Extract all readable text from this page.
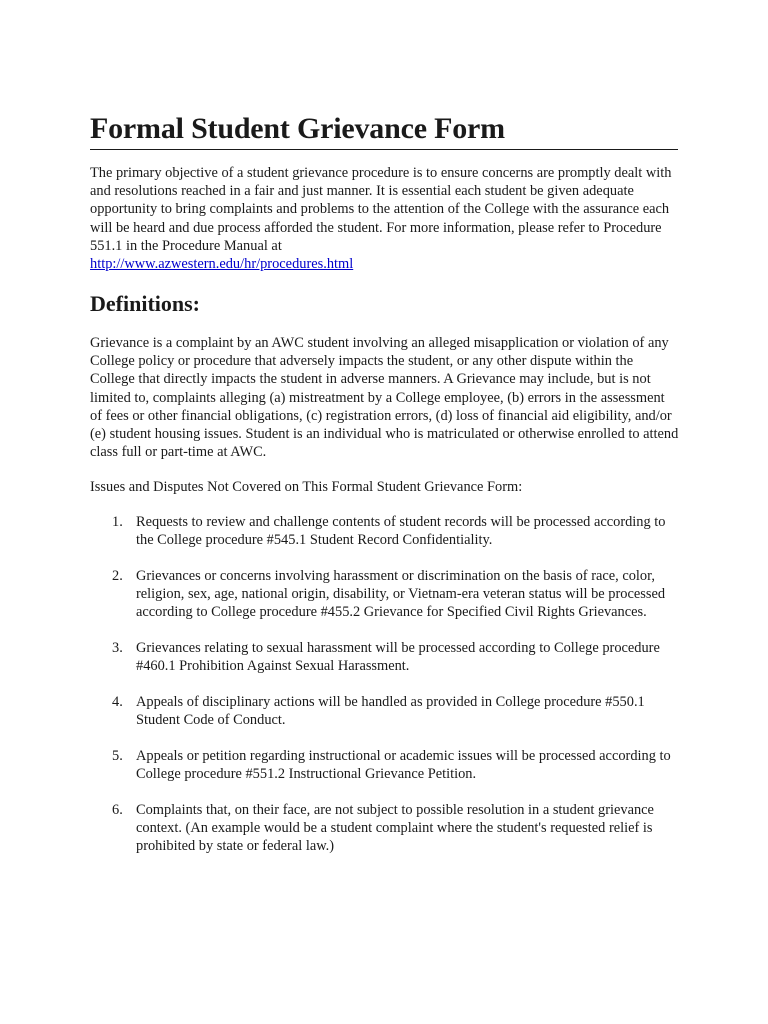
Formal Student Grievance Form

The primary objective of a student grievance procedure is to ensure concerns are promptly dealt with and resolutions reached in a fair and just manner. It is essential each student be given adequate opportunity to bring complaints and problems to the attention of the College with the assurance each will be heard and due process afforded the student. For more information, please refer to Procedure 551.1 in the Procedure Manual at
http://www.azwestern.edu/hr/procedures.html

Definitions:

Grievance is a complaint by an AWC student involving an alleged misapplication or violation of any College policy or procedure that adversely impacts the student, or any other dispute within the College that directly impacts the student in adverse manners. A Grievance may include, but is not limited to, complaints alleging (a) mistreatment by a College employee, (b) errors in the assessment of fees or other financial obligations, (c) registration errors, (d) loss of financial aid eligibility, and/or (e) student housing issues. Student is an individual who is matriculated or otherwise enrolled to attend class full or part-time at AWC.

Issues and Disputes Not Covered on This Formal Student Grievance Form:

1. Requests to review and challenge contents of student records will be processed according to the College procedure #545.1 Student Record Confidentiality.
2. Grievances or concerns involving harassment or discrimination on the basis of race, color, religion, sex, age, national origin, disability, or Vietnam-era veteran status will be processed according to College procedure #455.2 Grievance for Specified Civil Rights Grievances.
3. Grievances relating to sexual harassment will be processed according to College procedure #460.1 Prohibition Against Sexual Harassment.
4. Appeals of disciplinary actions will be handled as provided in College procedure #550.1 Student Code of Conduct.
5. Appeals or petition regarding instructional or academic issues will be processed according to College procedure #551.2 Instructional Grievance Petition.
6. Complaints that, on their face, are not subject to possible resolution in a student grievance context. (An example would be a student complaint where the student's requested relief is prohibited by state or federal law.)
